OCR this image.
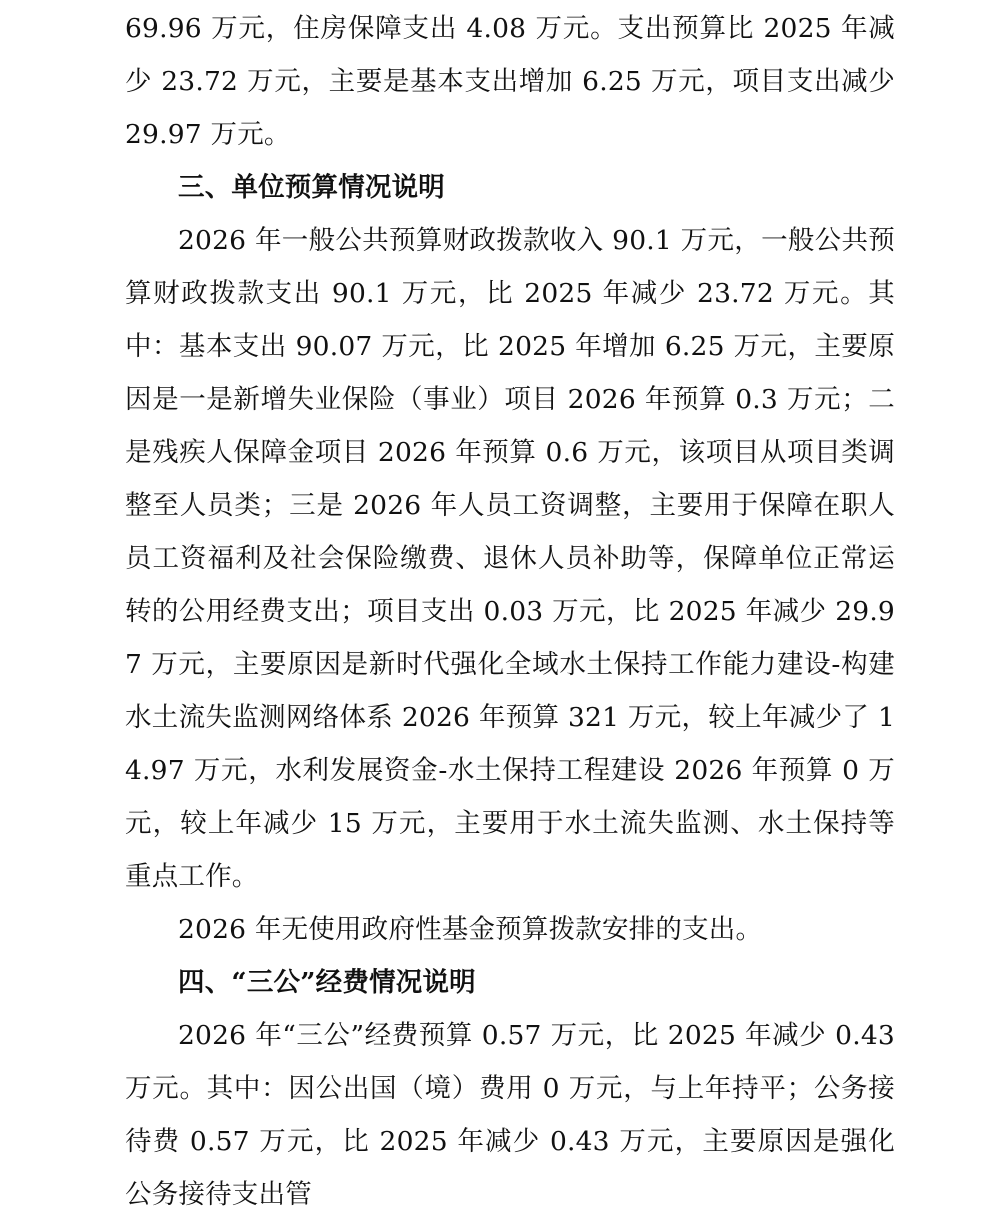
69.96 万元，住房保障支出 4.08 万元。支出预算比 2025 年减少 23.72 万元，主要是基本支出增加 6.25 万元，项目支出减少 29.97 万元。

三、单位预算情况说明

2026 年一般公共预算财政拨款收入 90.1 万元，一般公共预算财政拨款支出 90.1 万元，比 2025 年减少 23.72 万元。其中：基本支出 90.07 万元，比 2025 年增加 6.25 万元，主要原因是一是新增失业保险（事业）项目 2026 年预算 0.3 万元；二是残疾人保障金项目 2026 年预算 0.6 万元，该项目从项目类调整至人员类；三是 2026 年人员工资调整，主要用于保障在职人员工资福利及社会保险缴费、退休人员补助等，保障单位正常运转的公用经费支出；项目支出 0.03 万元，比 2025 年减少 29.97 万元，主要原因是新时代强化全域水土保持工作能力建设-构建水土流失监测网络体系 2026 年预算 321 万元，较上年减少了 14.97 万元，水利发展资金-水土保持工程建设 2026 年预算 0 万元，较上年减少 15 万元，主要用于水土流失监测、水土保持等重点工作。

2026 年无使用政府性基金预算拨款安排的支出。

四、“三公”经费情况说明

2026 年“三公”经费预算 0.57 万元，比 2025 年减少 0.43 万元。其中：因公出国（境）费用 0 万元，与上年持平；公务接待费 0.57 万元，比 2025 年减少 0.43 万元，主要原因是强化公务接待支出管
